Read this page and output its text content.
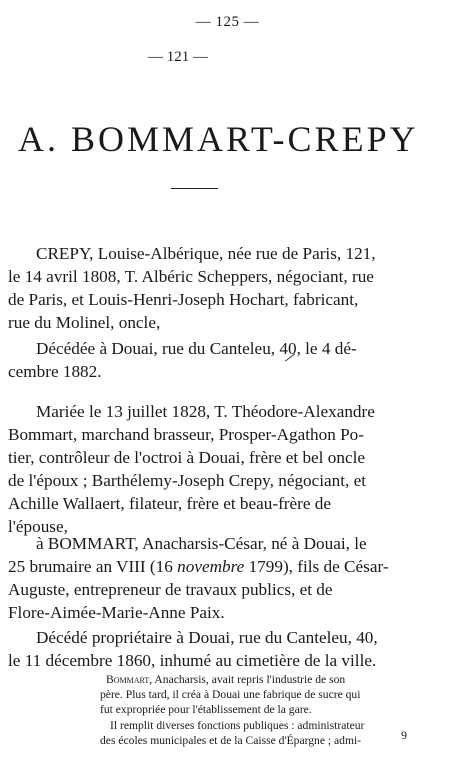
— 125 —
— 121 —
A. BOMMART-CREPY

CREPY, Louise-Albérique, née rue de Paris, 121,

le 14 avril 1808, T. Albéric Scheppers, négociant, rue

de Paris, et Louis-Henri-Joseph Hochart, fabricant,

rue du Molinel, oncle,

Décédée à Douai, rue du Canteleu, 40, le 4 dé-

cembre 1882.

Mariée le 13 juillet 1828, T. Théodore-Alexandre

Bommart, marchand brasseur, Prosper-Agathon Po-

tier, contrôleur de l'octroi à Douai, frère et bel oncle

de l'époux ; Barthélemy-Joseph Crepy, négociant, et

Achille Wallaert, filateur, frère et beau-frère de

l'épouse,

à BOMMART, Anacharsis-César, né à Douai, le

25 brumaire an VIII (16 novembre 1799), fils de César-

Auguste, entrepreneur de travaux publics, et de

Flore-Aimée-Marie-Anne Paix.

Décédé propriétaire à Douai, rue du Canteleu, 40,

le 11 décembre 1860, inhumé au cimetière de la ville.

Bommart, Anacharsis, avait repris l'industrie de son

père. Plus tard, il créa à Douai une fabrique de sucre qui

fut expropriée pour l'établissement de la gare.

Il remplit diverses fonctions publiques : administrateur

des écoles municipales et de la Caisse d'Épargne ; admi-	9
